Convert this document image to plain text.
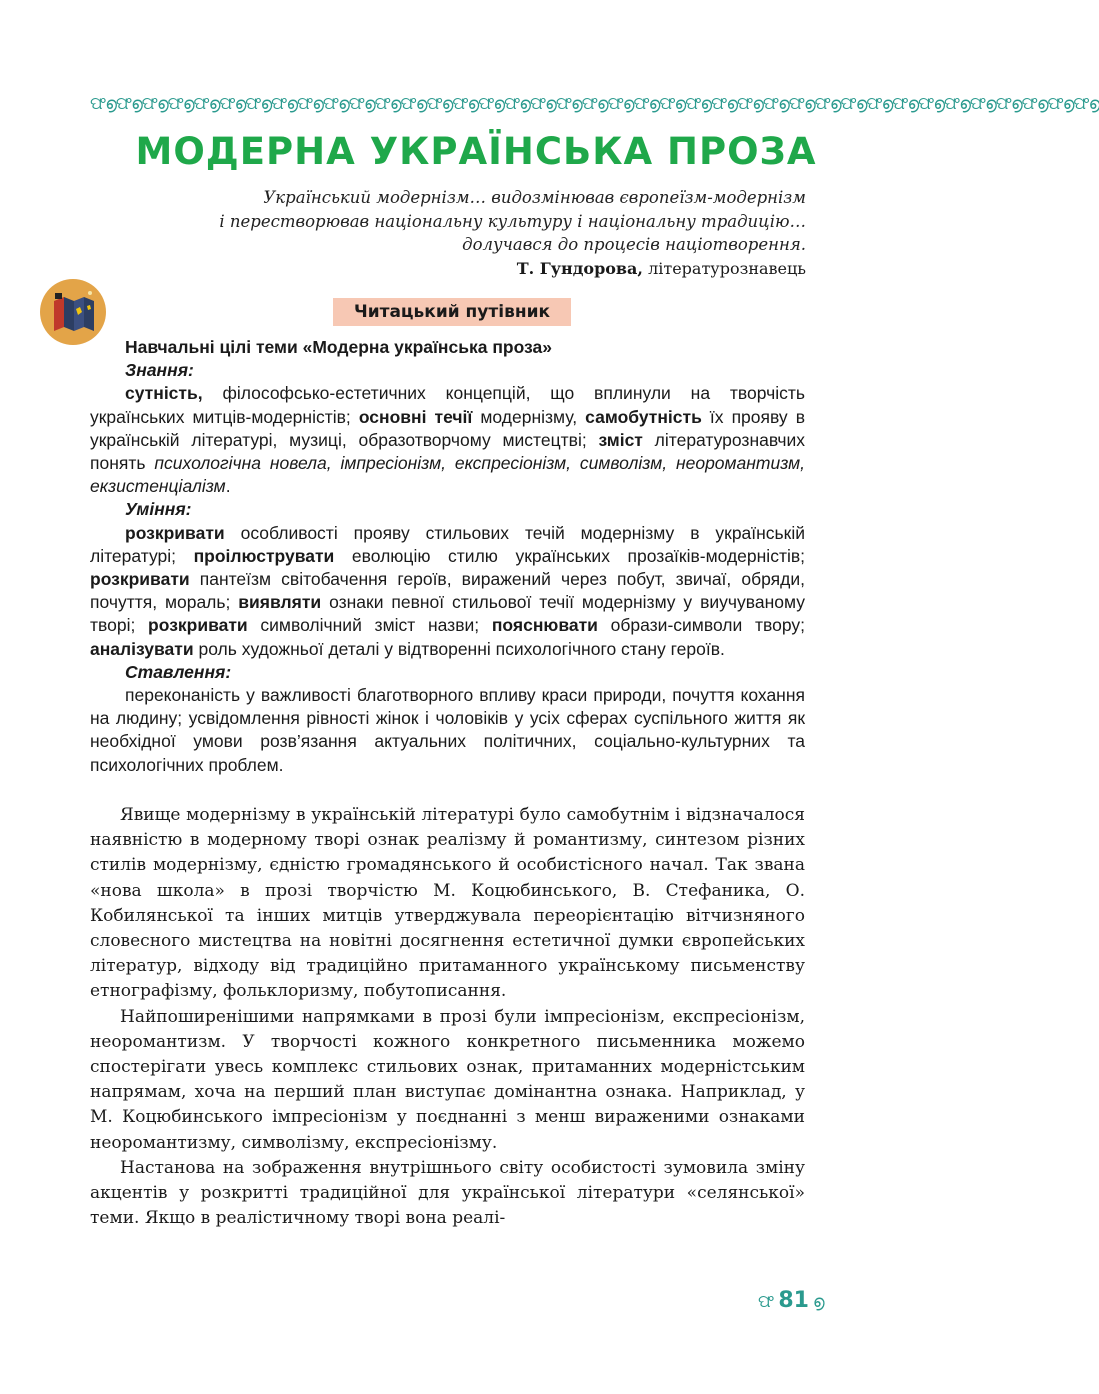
ଫ൭ଫ൭ଫ൭ଫ൭ଫ൭ଫ൭ଫ൭ଫ൭ଫ൭ଫ൭ଫ൭ଫ൭ଫ൭ଫ൭ଫ൭ଫ൭ଫ൭ଫ൭ଫ൭ଫ൭ଫ൭ଫ൭ଫ൭ଫ൭ଫ൭ଫ൭ଫ൭ଫ൭ଫ൭ଫ൭ଫ൭ଫ൭ଫ൭ଫ൭ଫ൭ଫ൭ଫ൭ଫ൭ଫ൭
МОДЕРНА УКРАЇНСЬКА ПРОЗА
Український модернізм… видозмінював європеїзм-модернізм
і перестворював національну культуру і національну традицію…
долучався до процесів націотворення.
Т. Гундорова, літературознавець
Читацький путівник
Навчальні цілі теми «Модерна українська проза»
Знання:

сутність, філософсько-естетичних концепцій, що вплинули на творчість українських митців-модерністів; основні течії модернізму, самобутність їх прояву в українській літературі, музиці, образотворчому мистецтві; зміст літературознавчих понять психологічна новела, імпресіонізм, експресіонізм, символізм, неоромантизм, екзистенціалізм.

Уміння:

розкривати особливості прояву стильових течій модернізму в українській літературі; проілюструвати еволюцію стилю українських прозаїків-модерністів; розкривати пантеїзм світобачення героїв, виражений через побут, звичаї, обряди, почуття, мораль; виявляти ознаки певної стильової течії модернізму у виучуваному творі; розкривати символічний зміст назви; пояснювати образи-символи твору; аналізувати роль художньої деталі у відтворенні психологічного стану героїв.

Ставлення:

переконаність у важливості благотворного впливу краси природи, почуття кохання на людину; усвідомлення рівності жінок і чоловіків у усіх сферах суспільного життя як необхідної умови розв’язання актуальних політичних, соціально-культурних та психологічних проблем.

Явище модернізму в українській літературі було самобутнім і відзначалося наявністю в модерному творі ознак реалізму й романтизму, синтезом різних стилів модернізму, єдністю громадянського й особистісного начал. Так звана «нова школа» в прозі творчістю М. Коцюбинського, В. Стефаника, О. Кобилянської та інших митців утверджувала переорієнтацію вітчизняного словесного мистецтва на новітні досягнення естетичної думки європейських літератур, відходу від традиційно притаманного українському письменству етнографізму, фольклоризму, побутописання.

Найпоширенішими напрямками в прозі були імпресіонізм, експресіонізм, неоромантизм. У творчості кожного конкретного письменника можемо спостерігати увесь комплекс стильових ознак, притаманних модерністським напрямам, хоча на перший план виступає домінантна ознака. Наприклад, у М. Коцюбинського імпресіонізм у поєднанні з менш вираженими ознаками неоромантизму, символізму, експресіонізму.

Настанова на зображення внутрішнього світу особистості зумовила зміну акцентів у розкритті традиційної для української літератури «селянської» теми. Якщо в реалістичному творі вона реалі-

ଫ 81 ൭
